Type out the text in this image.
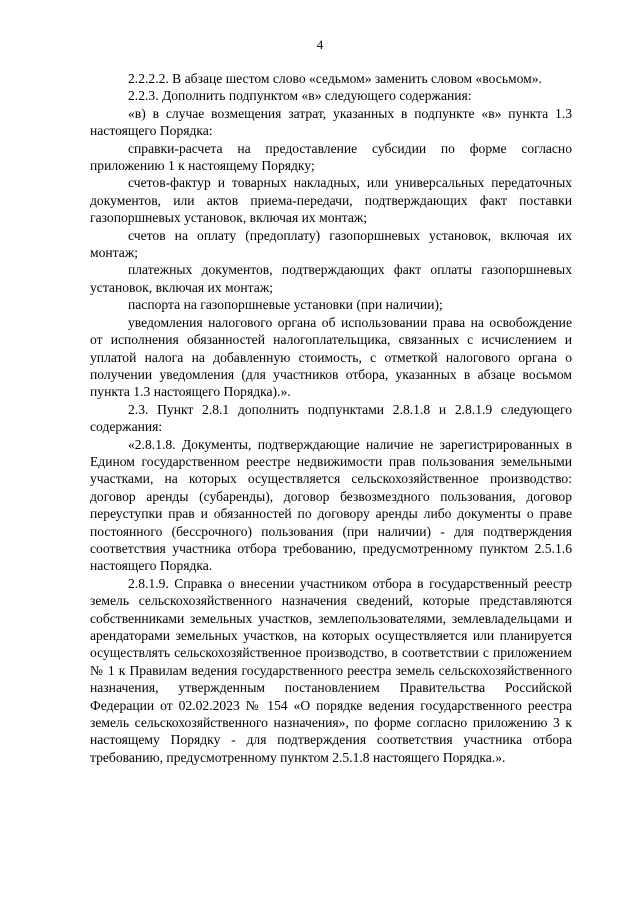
4

2.2.2.2. В абзаце шестом слово «седьмом» заменить словом «восьмом».

2.2.3. Дополнить подпунктом «в» следующего содержания:

«в) в случае возмещения затрат, указанных в подпункте «в» пункта 1.3 настоящего Порядка:

справки-расчета на предоставление субсидии по форме согласно приложению 1 к настоящему Порядку;

счетов-фактур и товарных накладных, или универсальных передаточных документов, или актов приема-передачи, подтверждающих факт поставки газопоршневых установок, включая их монтаж;

счетов на оплату (предоплату) газопоршневых установок, включая их монтаж;

платежных документов, подтверждающих факт оплаты газопоршневых установок, включая их монтаж;

паспорта на газопоршневые установки (при наличии);

уведомления налогового органа об использовании права на освобождение от исполнения обязанностей налогоплательщика, связанных с исчислением и уплатой налога на добавленную стоимость, с отметкой налогового органа о получении уведомления (для участников отбора, указанных в абзаце восьмом пункта 1.3 настоящего Порядка).».

2.3. Пункт 2.8.1 дополнить подпунктами 2.8.1.8 и 2.8.1.9 следующего содержания:

«2.8.1.8. Документы, подтверждающие наличие не зарегистрированных в Едином государственном реестре недвижимости прав пользования земельными участками, на которых осуществляется сельскохозяйственное производство: договор аренды (субаренды), договор безвозмездного пользования, договор переуступки прав и обязанностей по договору аренды либо документы о праве постоянного (бессрочного) пользования (при наличии) - для подтверждения соответствия участника отбора требованию, предусмотренному пунктом 2.5.1.6 настоящего Порядка.

2.8.1.9. Справка о внесении участником отбора в государственный реестр земель сельскохозяйственного назначения сведений, которые представляются собственниками земельных участков, землепользователями, землевладельцами и арендаторами земельных участков, на которых осуществляется или планируется осуществлять сельскохозяйственное производство, в соответствии с приложением № 1 к Правилам ведения государственного реестра земель сельскохозяйственного назначения, утвержденным постановлением Правительства Российской Федерации от 02.02.2023 № 154 «О порядке ведения государственного реестра земель сельскохозяйственного назначения», по форме согласно приложению 3 к настоящему Порядку - для подтверждения соответствия участника отбора требованию, предусмотренному пунктом 2.5.1.8 настоящего Порядка.».
